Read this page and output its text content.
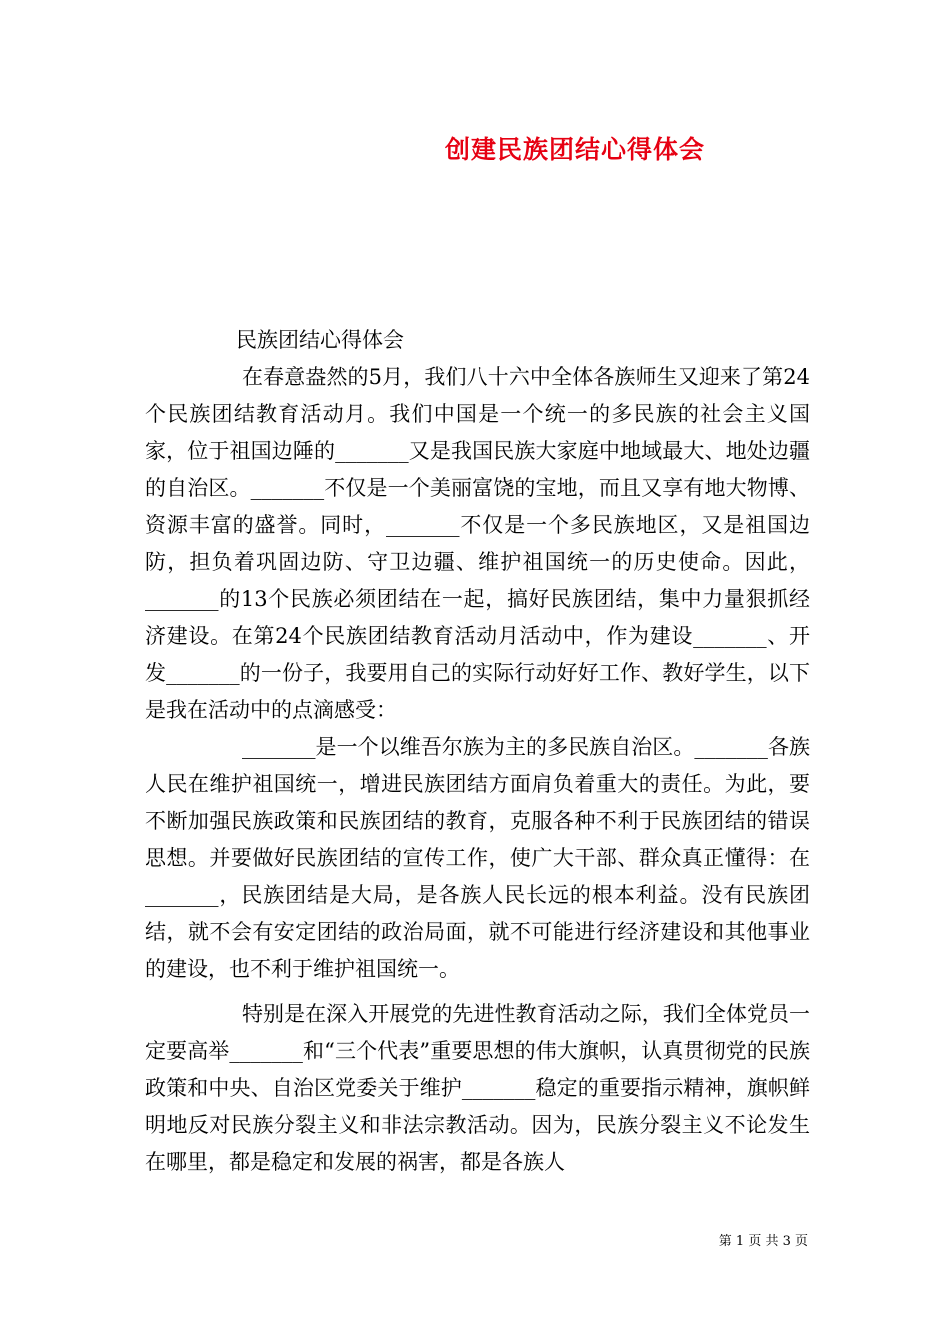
创建民族团结心得体会

民族团结心得体会

在春意盎然的5月，我们八十六中全体各族师生又迎来了第24个民族团结教育活动月。我们中国是一个统一的多民族的社会主义国家，位于祖国边陲的_______又是我国民族大家庭中地域最大、地处边疆的自治区。_______不仅是一个美丽富饶的宝地，而且又享有地大物博、资源丰富的盛誉。同时，_______不仅是一个多民族地区，又是祖国边防，担负着巩固边防、守卫边疆、维护祖国统一的历史使命。因此，_______的13个民族必须团结在一起，搞好民族团结，集中力量狠抓经济建设。在第24个民族团结教育活动月活动中，作为建设_______、开发_______的一份子，我要用自己的实际行动好好工作、教好学生，以下是我在活动中的点滴感受：

_______是一个以维吾尔族为主的多民族自治区。_______各族人民在维护祖国统一，增进民族团结方面肩负着重大的责任。为此，要不断加强民族政策和民族团结的教育，克服各种不利于民族团结的错误思想。并要做好民族团结的宣传工作，使广大干部、群众真正懂得：在_______，民族团结是大局，是各族人民长远的根本利益。没有民族团结，就不会有安定团结的政治局面，就不可能进行经济建设和其他事业的建设，也不利于维护祖国统一。

特别是在深入开展党的先进性教育活动之际，我们全体党员一定要高举_______和“三个代表”重要思想的伟大旗帜，认真贯彻党的民族政策和中央、自治区党委关于维护_______稳定的重要指示精神，旗帜鲜明地反对民族分裂主义和非法宗教活动。因为，民族分裂主义不论发生在哪里，都是稳定和发展的祸害，都是各族人

第 1 页 共 3 页
